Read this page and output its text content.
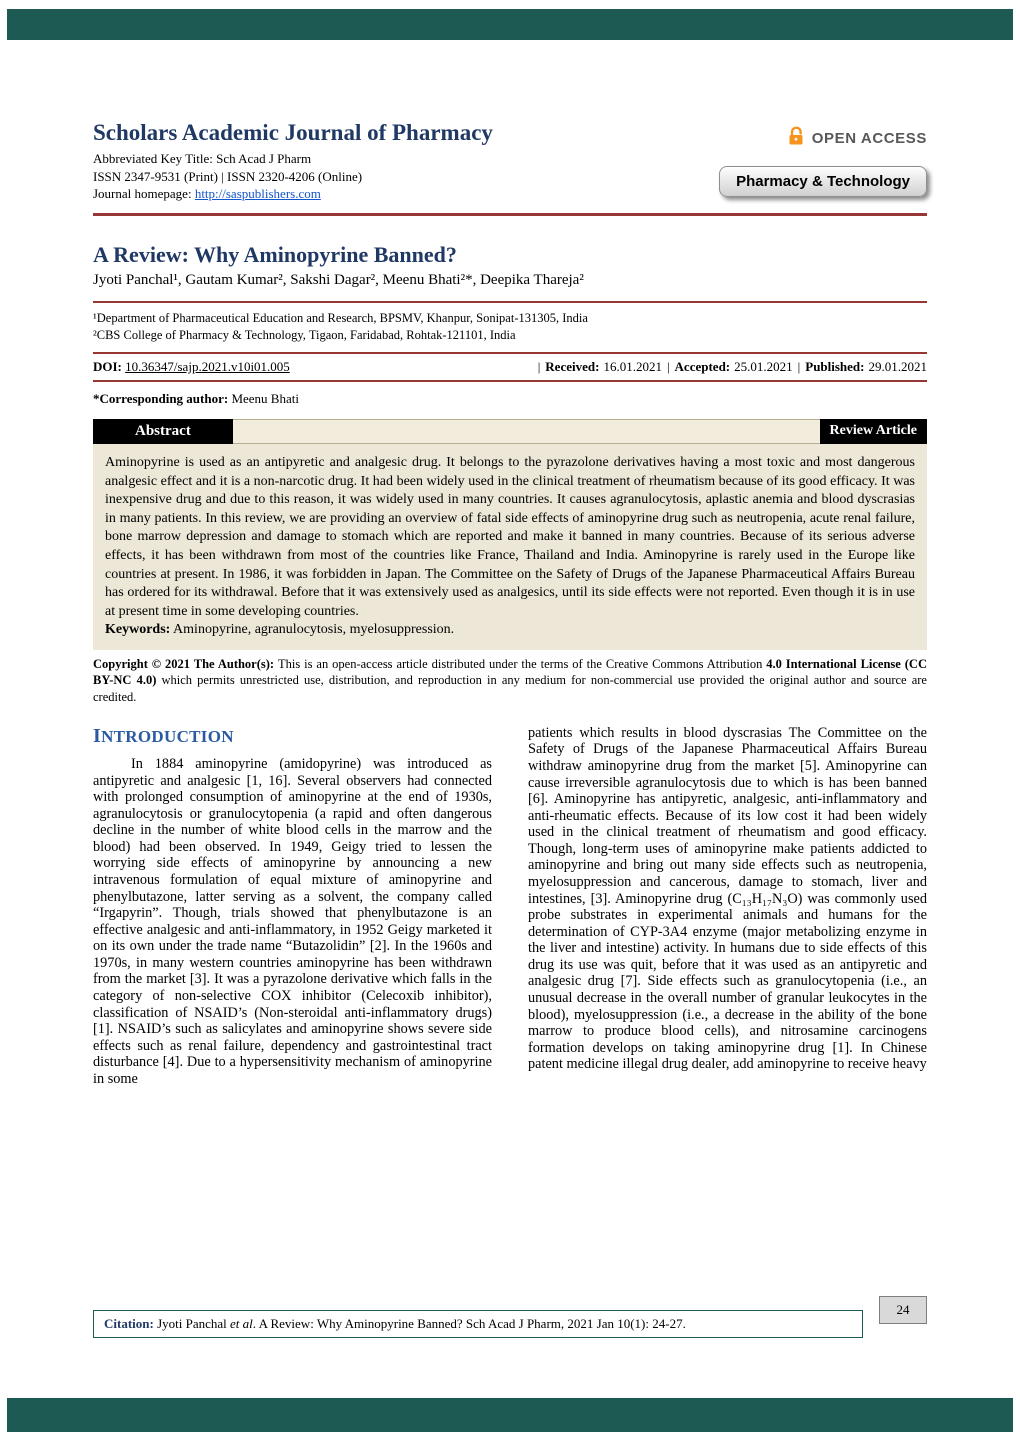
Scholars Academic Journal of Pharmacy
Abbreviated Key Title: Sch Acad J Pharm
ISSN 2347-9531 (Print) | ISSN 2320-4206 (Online)
Journal homepage: http://saspublishers.com
OPEN ACCESS
Pharmacy & Technology
A Review: Why Aminopyrine Banned?
Jyoti Panchal¹, Gautam Kumar², Sakshi Dagar², Meenu Bhati²*, Deepika Thareja²
¹Department of Pharmaceutical Education and Research, BPSMV, Khanpur, Sonipat-131305, India
²CBS College of Pharmacy & Technology, Tigaon, Faridabad, Rohtak-121101, India
DOI: 10.36347/sajp.2021.v10i01.005	| Received: 16.01.2021 | Accepted: 25.01.2021 | Published: 29.01.2021
*Corresponding author: Meenu Bhati
Abstract	Review Article

Aminopyrine is used as an antipyretic and analgesic drug. It belongs to the pyrazolone derivatives having a most toxic and most dangerous analgesic effect and it is a non-narcotic drug. It had been widely used in the clinical treatment of rheumatism because of its good efficacy. It was inexpensive drug and due to this reason, it was widely used in many countries. It causes agranulocytosis, aplastic anemia and blood dyscrasias in many patients. In this review, we are providing an overview of fatal side effects of aminopyrine drug such as neutropenia, acute renal failure, bone marrow depression and damage to stomach which are reported and make it banned in many countries. Because of its serious adverse effects, it has been withdrawn from most of the countries like France, Thailand and India. Aminopyrine is rarely used in the Europe like countries at present. In 1986, it was forbidden in Japan. The Committee on the Safety of Drugs of the Japanese Pharmaceutical Affairs Bureau has ordered for its withdrawal. Before that it was extensively used as analgesics, until its side effects were not reported. Even though it is in use at present time in some developing countries.

Keywords: Aminopyrine, agranulocytosis, myelosuppression.

Copyright © 2021 The Author(s): This is an open-access article distributed under the terms of the Creative Commons Attribution 4.0 International License (CC BY-NC 4.0) which permits unrestricted use, distribution, and reproduction in any medium for non-commercial use provided the original author and source are credited.
INTRODUCTION

In 1884 aminopyrine (amidopyrine) was introduced as antipyretic and analgesic [1, 16]. Several observers had connected with prolonged consumption of aminopyrine at the end of 1930s, agranulocytosis or granulocytopenia (a rapid and often dangerous decline in the number of white blood cells in the marrow and the blood) had been observed. In 1949, Geigy tried to lessen the worrying side effects of aminopyrine by announcing a new intravenous formulation of equal mixture of aminopyrine and phenylbutazone, latter serving as a solvent, the company called “Irgapyrin”. Though, trials showed that phenylbutazone is an effective analgesic and anti-inflammatory, in 1952 Geigy marketed it on its own under the trade name “Butazolidin” [2]. In the 1960s and 1970s, in many western countries aminopyrine has been withdrawn from the market [3]. It was a pyrazolone derivative which falls in the category of non-selective COX inhibitor (Celecoxib inhibitor), classification of NSAID’s (Non-steroidal anti-inflammatory drugs) [1]. NSAID’s such as salicylates and aminopyrine shows severe side effects such as renal failure, dependency and gastrointestinal tract disturbance [4]. Due to a hypersensitivity mechanism of aminopyrine in some

patients which results in blood dyscrasias The Committee on the Safety of Drugs of the Japanese Pharmaceutical Affairs Bureau withdraw aminopyrine drug from the market [5]. Aminopyrine can cause irreversible agranulocytosis due to which is has been banned [6]. Aminopyrine has antipyretic, analgesic, anti-inflammatory and anti-rheumatic effects. Because of its low cost it had been widely used in the clinical treatment of rheumatism and good efficacy. Though, long-term uses of aminopyrine make patients addicted to aminopyrine and bring out many side effects such as neutropenia, myelosuppression and cancerous, damage to stomach, liver and intestines, [3]. Aminopyrine drug (C₁₃H₁₇N₃O) was commonly used probe substrates in experimental animals and humans for the determination of CYP-3A4 enzyme (major metabolizing enzyme in the liver and intestine) activity. In humans due to side effects of this drug its use was quit, before that it was used as an antipyretic and analgesic drug [7]. Side effects such as granulocytopenia (i.e., an unusual decrease in the overall number of granular leukocytes in the blood), myelosuppression (i.e., a decrease in the ability of the bone marrow to produce blood cells), and nitrosamine carcinogens formation develops on taking aminopyrine drug [1]. In Chinese patent medicine illegal drug dealer, add aminopyrine to receive heavy

Citation: Jyoti Panchal et al. A Review: Why Aminopyrine Banned? Sch Acad J Pharm, 2021 Jan 10(1): 24-27.
24
